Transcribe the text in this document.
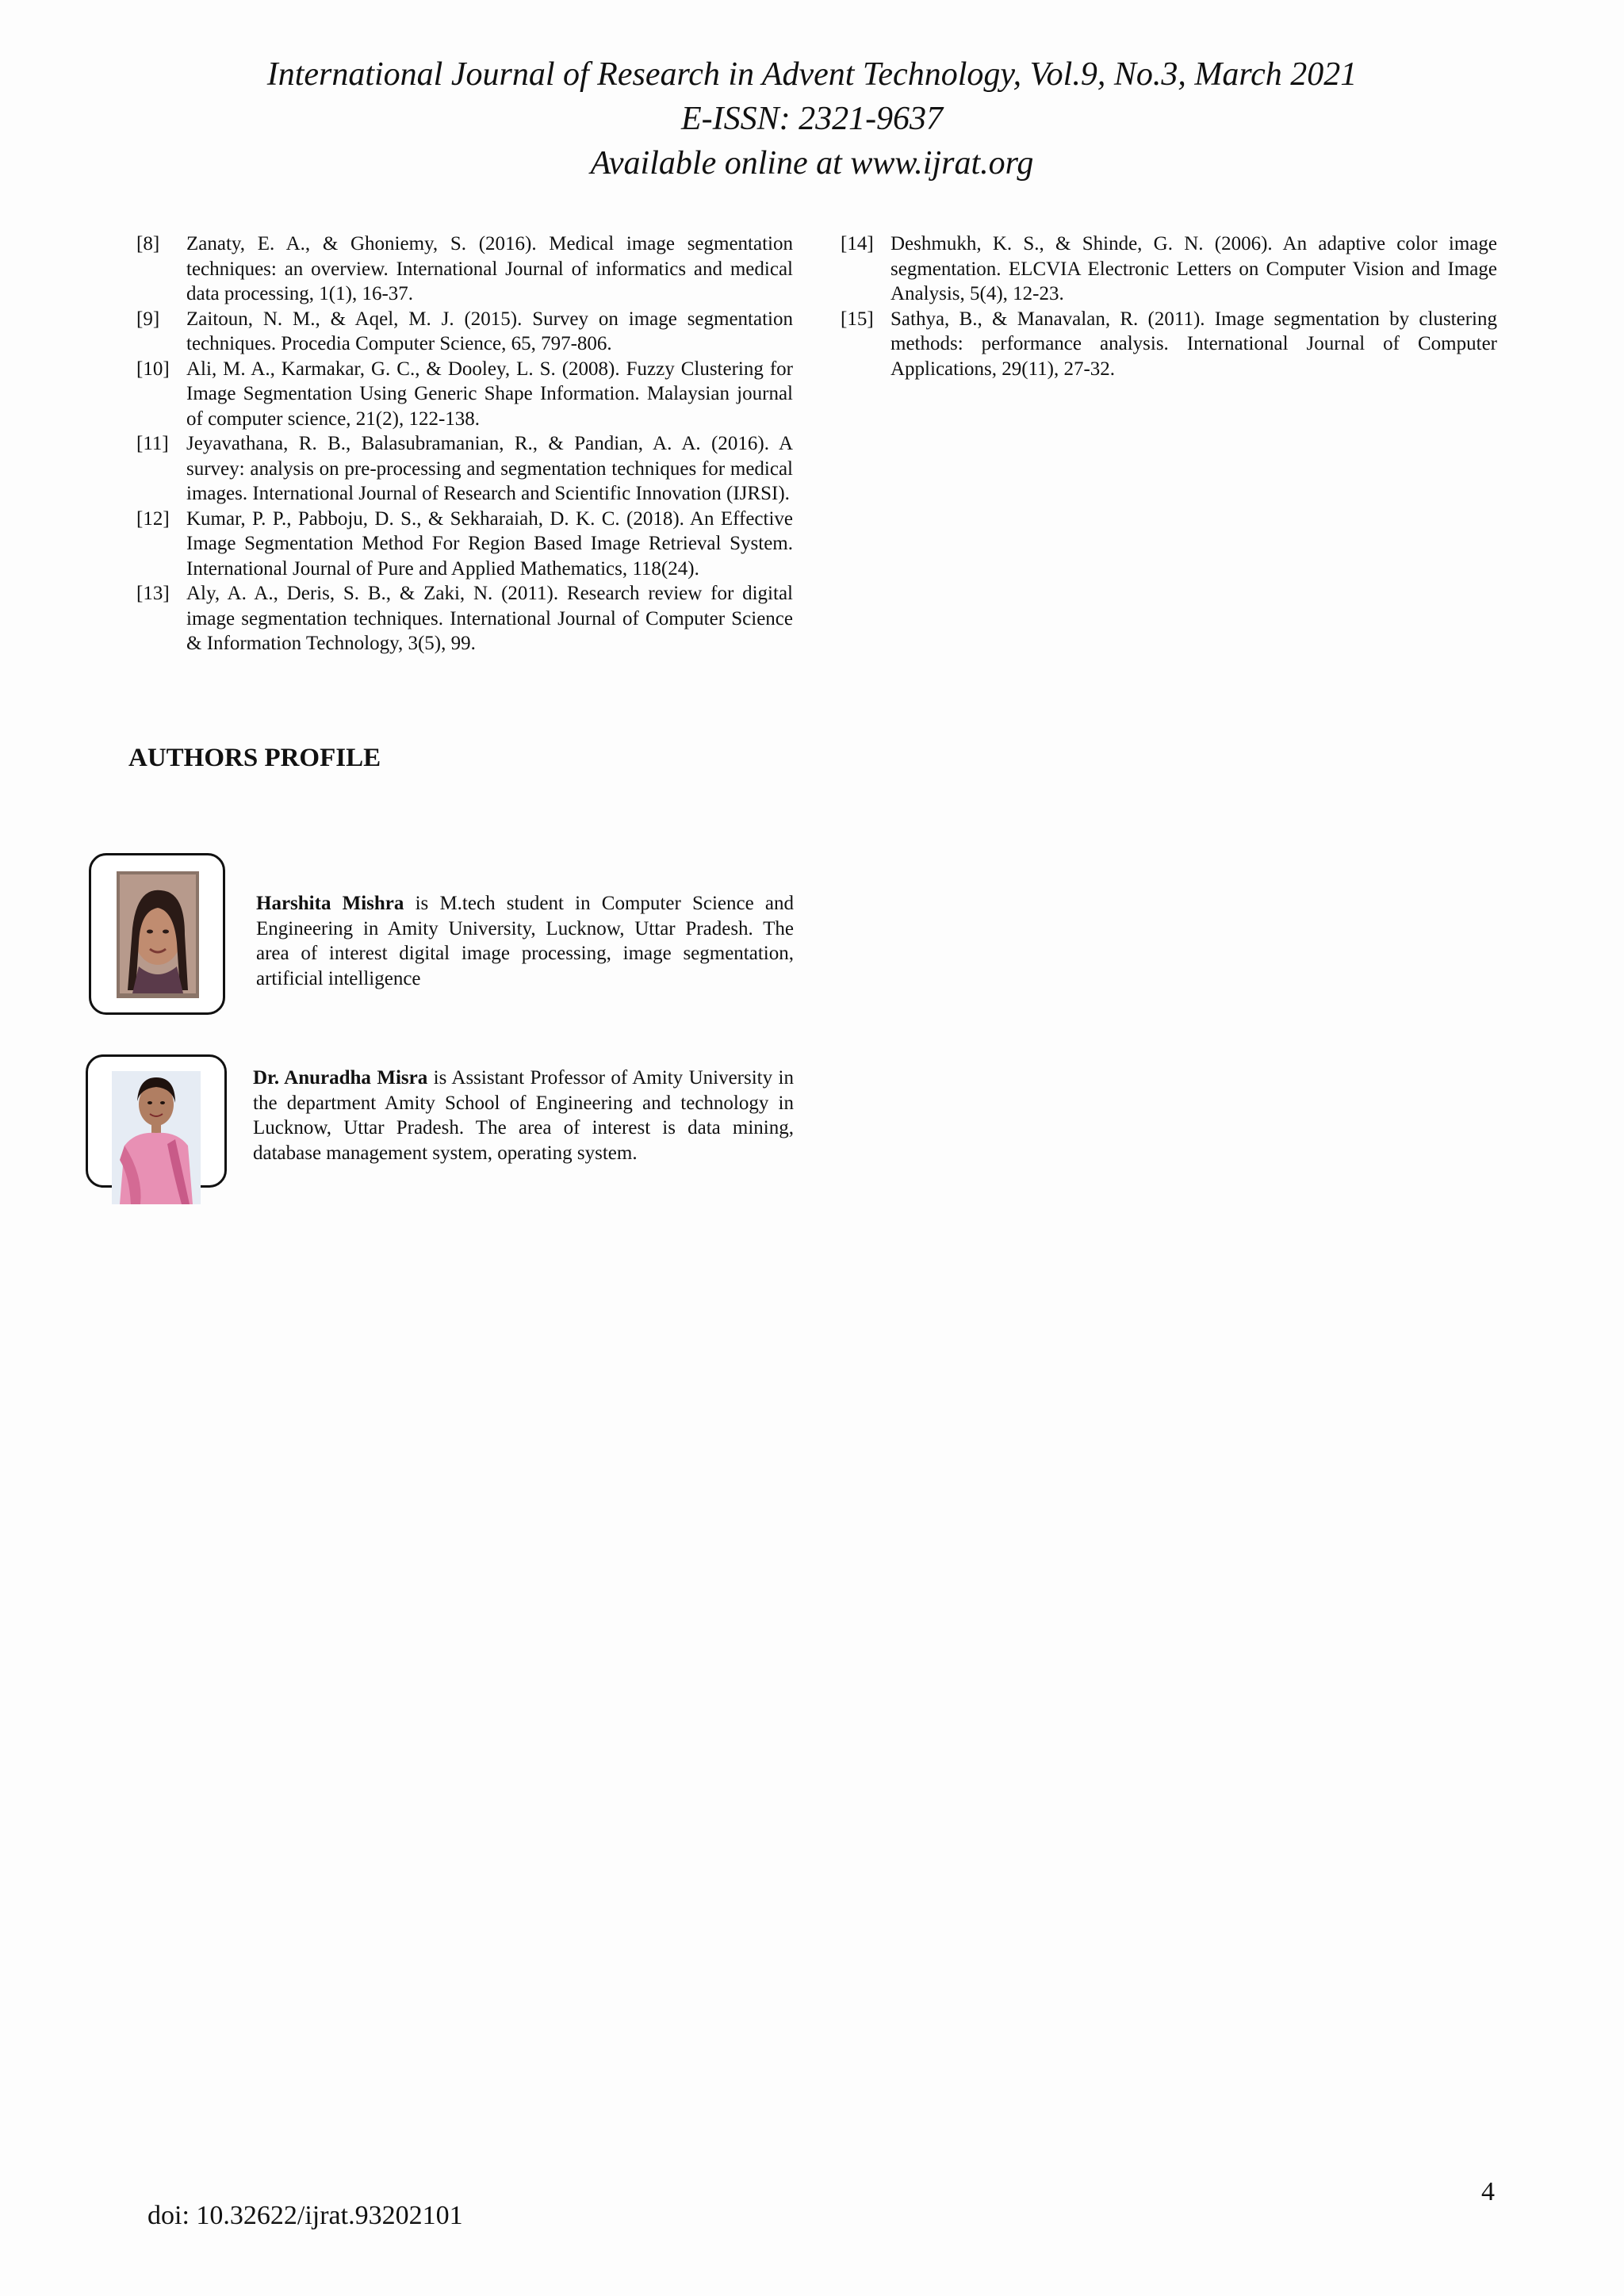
International Journal of Research in Advent Technology, Vol.9, No.3, March 2021
E-ISSN: 2321-9637
Available online at www.ijrat.org

[8] Zanaty, E. A., & Ghoniemy, S. (2016). Medical image segmentation techniques: an overview. International Journal of informatics and medical data processing, 1(1), 16-37.

[9] Zaitoun, N. M., & Aqel, M. J. (2015). Survey on image segmentation techniques. Procedia Computer Science, 65, 797-806.

[10] Ali, M. A., Karmakar, G. C., & Dooley, L. S. (2008). Fuzzy Clustering for Image Segmentation Using Generic Shape Information. Malaysian journal of computer science, 21(2), 122-138.

[11] Jeyavathana, R. B., Balasubramanian, R., & Pandian, A. A. (2016). A survey: analysis on pre-processing and segmentation techniques for medical images. International Journal of Research and Scientific Innovation (IJRSI).

[12] Kumar, P. P., Pabboju, D. S., & Sekharaiah, D. K. C. (2018). An Effective Image Segmentation Method For Region Based Image Retrieval System. International Journal of Pure and Applied Mathematics, 118(24).

[13] Aly, A. A., Deris, S. B., & Zaki, N. (2011). Research review for digital image segmentation techniques. International Journal of Computer Science & Information Technology, 3(5), 99.

[14] Deshmukh, K. S., & Shinde, G. N. (2006). An adaptive color image segmentation. ELCVIA Electronic Letters on Computer Vision and Image Analysis, 5(4), 12-23.

[15] Sathya, B., & Manavalan, R. (2011). Image segmentation by clustering methods: performance analysis. International Journal of Computer Applications, 29(11), 27-32.

AUTHORS PROFILE
Harshita Mishra is M.tech student in Computer Science and Engineering in Amity University, Lucknow, Uttar Pradesh. The area of interest digital image processing, image segmentation, artificial intelligence
Dr. Anuradha Misra is Assistant Professor of Amity University in the department Amity School of Engineering and technology in Lucknow, Uttar Pradesh. The area of interest is data mining, database management system, operating system.
4
doi: 10.32622/ijrat.93202101
